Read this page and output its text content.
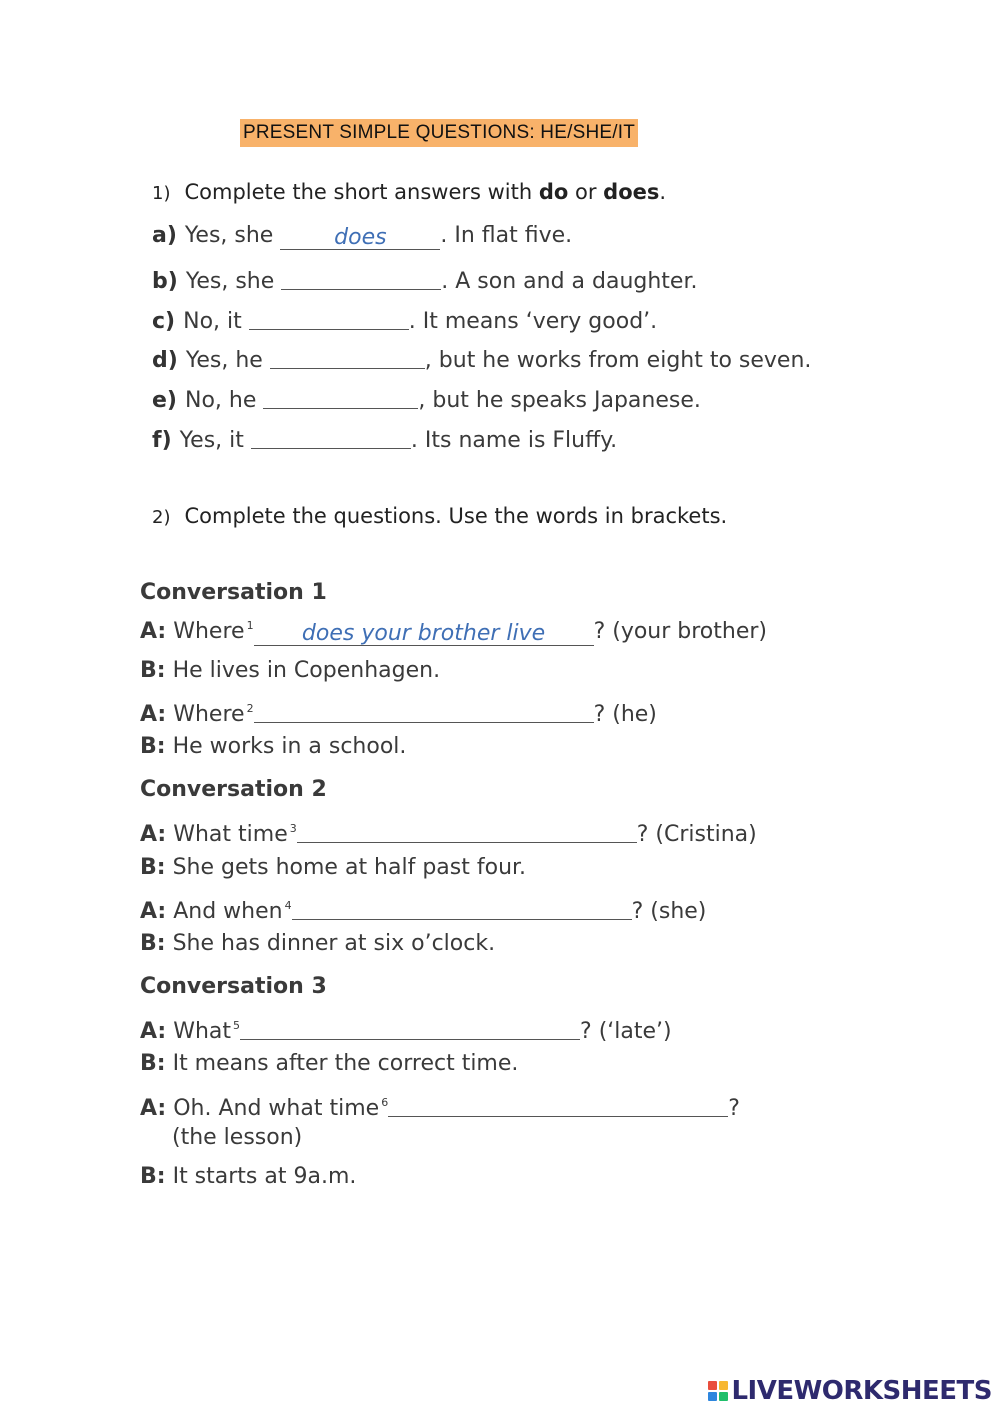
PRESENT SIMPLE QUESTIONS: HE/SHE/IT
1) Complete the short answers with do or does.
a) Yes, she	does . In flat five.
b) Yes, she	. A son and a daughter.
c) No, it	. It means ‘very good’.
d) Yes, he	, but he works from eight to seven.
e) No, he	, but he speaks Japanese.
f) Yes, it	. Its name is Fluffy.
2) Complete the questions. Use the words in brackets.
Conversation 1
A: Where $^1$ does your brother live ? (your brother)
B: He lives in Copenhagen.
A: Where $^2$	? (he)
B: He works in a school.
Conversation 2
A: What time $^3$	? (Cristina)
B: She gets home at half past four.
A: And when $^4$	? (she)
B: She has dinner at six o’clock.
Conversation 3
A: What $^5$	? (‘late’)
B: It means after the correct time.
A: Oh. And what time $^6$	?
(the lesson)
B: It starts at 9a.m.
LIVEWORKSHEETS
